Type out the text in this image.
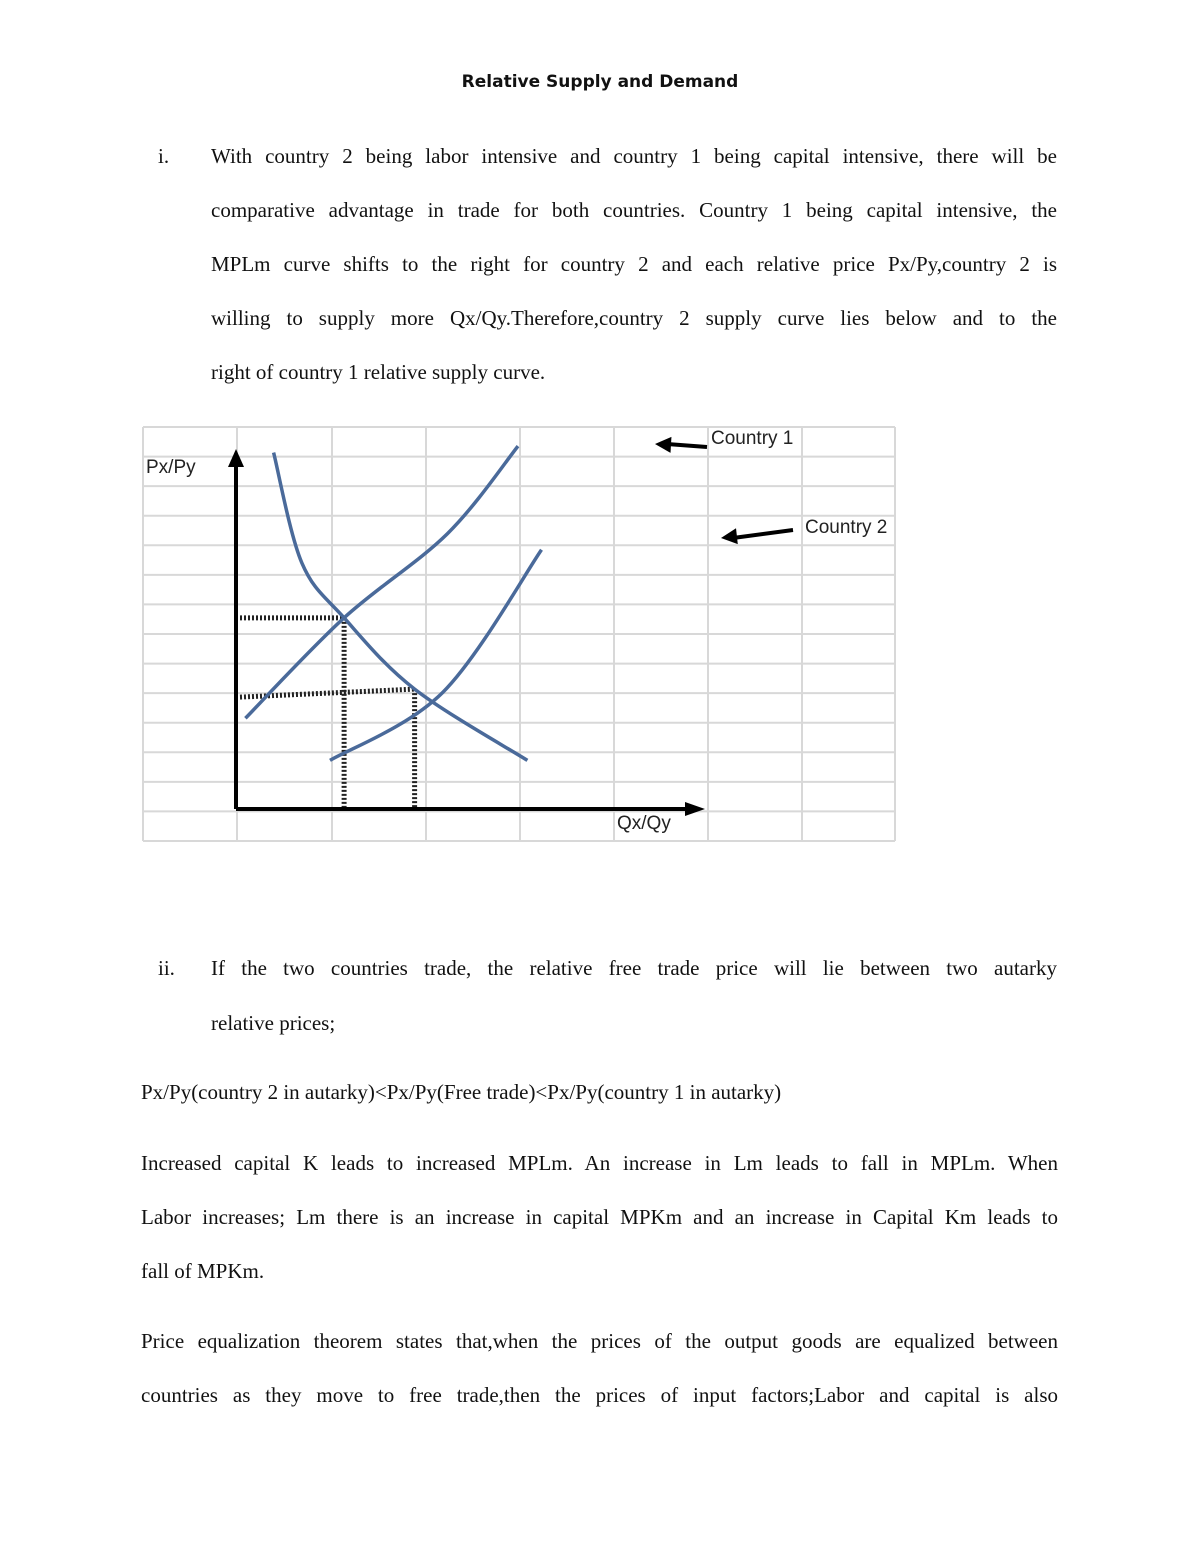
Relative Supply and Demand
i. With country 2 being labor intensive and country 1 being capital intensive, there will be
comparative advantage in trade for both countries. Country 1 being capital intensive, the
MPLm curve shifts to the right for country 2 and each relative price Px/Py,country 2 is
willing to supply more Qx/Qy.Therefore,country 2 supply curve lies below and to the
right of country 1 relative supply curve.
Px/Py
Qx/Qy
Country 1
Country 2
ii. If the two countries trade, the relative free trade price will lie between two autarky
relative prices;
Px/Py(country 2 in autarky)<Px/Py(Free trade)<Px/Py(country 1 in autarky)
Increased capital K leads to increased MPLm. An increase in Lm leads to fall in MPLm. When
Labor increases; Lm there is an increase in capital MPKm and an increase in Capital Km leads to
fall of MPKm.
Price equalization theorem states that,when the prices of the output goods are equalized between
countries as they move to free trade,then the prices of input factors;Labor and capital is also
